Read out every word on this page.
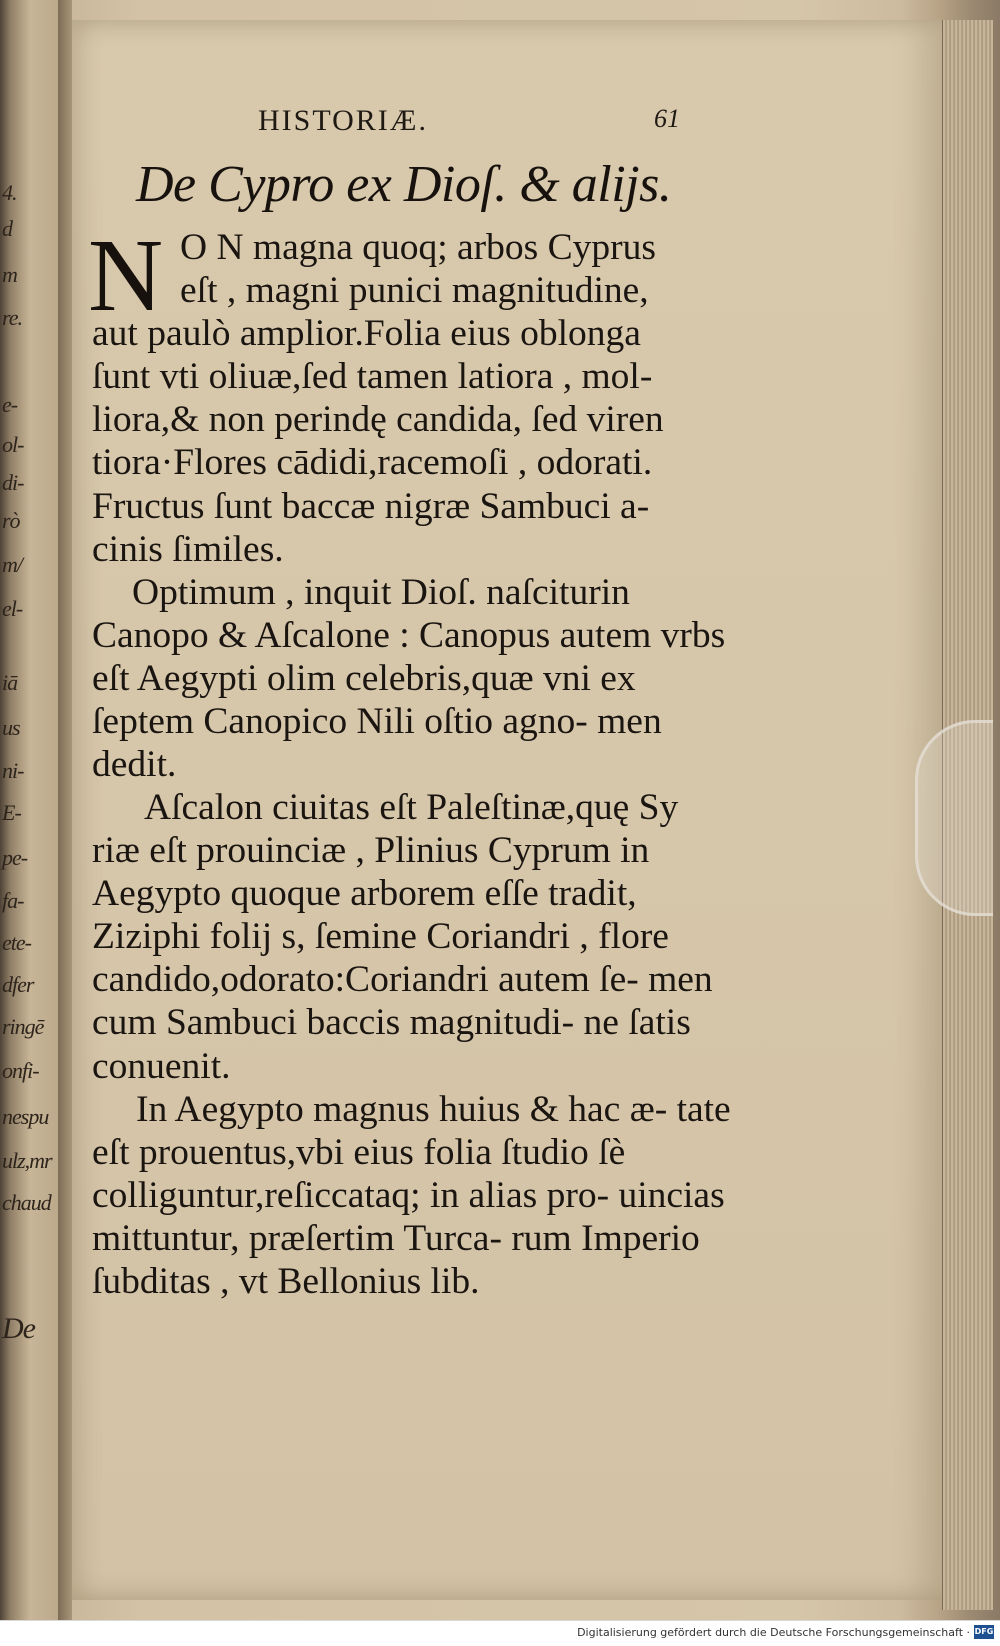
4.
d
m
re.
e-
ol-
di-
rò
m/
el-
iā
us
ni-
E-
pe-
fa-
ete-
dfer
ringē
onfi-
nespu
ulz,mr
chaud
De
HISTORIÆ.	61
De Cypro ex Dioſ. & aliјs.
N O N magna quoq; arbos Cyprus
eſt , magni punici magnitudine,
aut paulò amplior.Folia eius oblonga
ſunt vti oliuæ,ſed tamen latiora , mol-
liora,& non perindę candida, ſed viren
tiora·Flores cādidi,racemoſi , odorati.
Fructus ſunt baccæ nigræ Sambuci a-
cinis ſimiles.
Optimum , inquit Dioſ. naſciturin Canopo & Aſcalone : Canopus autem vrbs eſt Aegypti olim celebris,quæ vni ex ſeptem Canopico Nili oſtio agno- men dedit.
Aſcalon ciuitas eſt Paleſtinæ,quę Sy riæ eſt prouinciæ , Plinius Cyprum in Aegypto quoque arborem eſſe tradit, Ziziphi folij s, ſemine Coriandri , flore candido,odorato:Coriandri autem ſe- men cum Sambuci baccis magnitudi- ne ſatis conuenit.
In Aegypto magnus huius & hac æ- tate eſt prouentus,vbi eius folia ſtudio ſè colliguntur,reſiccataq; in alias pro- uincias mittuntur, præſertim Turca- rum Imperio ſubditas , vt Bellonius lib.
Digitalisierung gefördert durch die Deutsche Forschungsgemeinschaft · DFG
